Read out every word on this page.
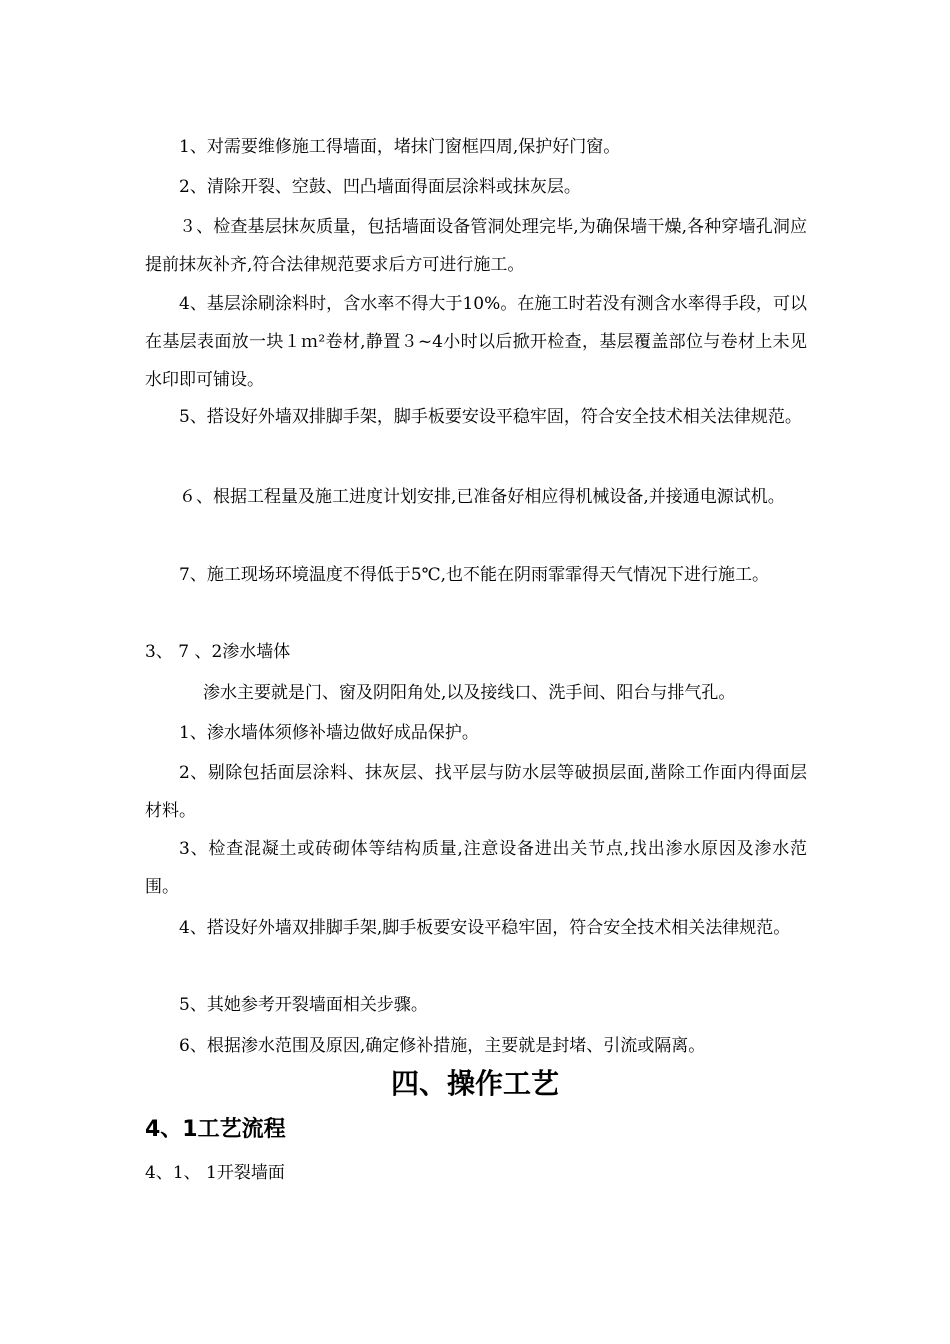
1、对需要维修施工得墙面，堵抹门窗框四周,保护好门窗。

2、清除开裂、空鼓、凹凸墙面得面层涂料或抹灰层。

３、检查基层抹灰质量，包括墙面设备管洞处理完毕,为确保墙干燥,各种穿墙孔洞应提前抹灰补齐,符合法律规范要求后方可进行施工。

4、基层涂刷涂料时，含水率不得大于10%。在施工时若没有测含水率得手段，可以在基层表面放一块１ｍ²卷材,静置３~4小时以后掀开检查，基层覆盖部位与卷材上未见水印即可铺设。

5、搭设好外墙双排脚手架，脚手板要安设平稳牢固，符合安全技术相关法律规范。

６、根据工程量及施工进度计划安排,已准备好相应得机械设备,并接通电源试机。

7、施工现场环境温度不得低于5℃,也不能在阴雨霏霏得天气情况下进行施工。

3、 7 、2渗水墙体

渗水主要就是门、窗及阴阳角处,以及接线口、洗手间、阳台与排气孔。

1、渗水墙体须修补墙边做好成品保护。

2、剔除包括面层涂料、抹灰层、找平层与防水层等破损层面,凿除工作面内得面层材料。

3、检查混凝土或砖砌体等结构质量,注意设备进出关节点,找出渗水原因及渗水范围。

4、搭设好外墙双排脚手架,脚手板要安设平稳牢固，符合安全技术相关法律规范。

5、其她参考开裂墙面相关步骤。

6、根据渗水范围及原因,确定修补措施，主要就是封堵、引流或隔离。

四、操作工艺
4、1工艺流程

4、1、 1开裂墙面
